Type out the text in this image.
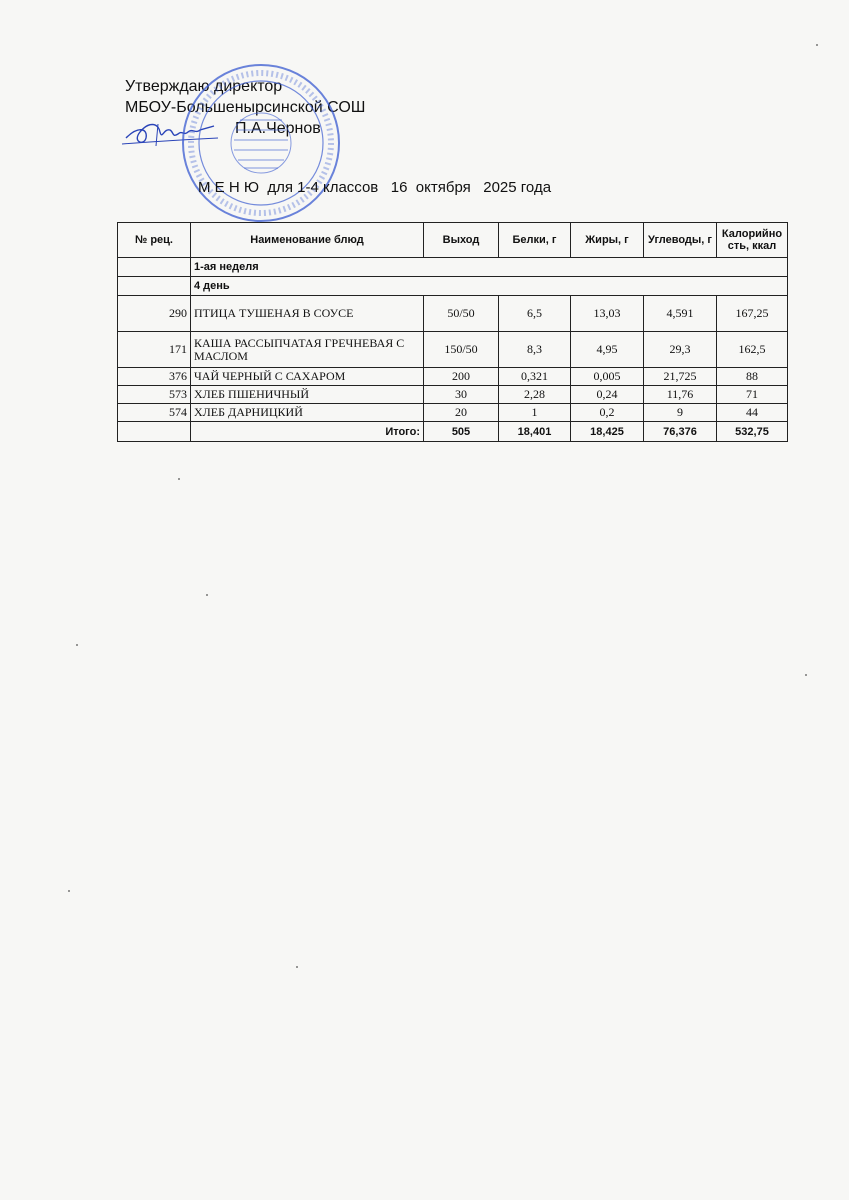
Утверждаю директор
МБОУ-Большенырсинской СОШ
П.А.Чернов
М Е Н Ю  для 1-4 классов   16  октября   2025 года
№ рец.	Наименование блюд	Выход	Белки, г	Жиры, г	Углеводы, г	Калорийно сть, ккал
	1-ая неделя					
	4 день					
290	ПТИЦА ТУШЕНАЯ В СОУСЕ	50/50	6,5	13,03	4,591	167,25
171	КАША РАССЫПЧАТАЯ ГРЕЧНЕВАЯ С МАСЛОМ	150/50	8,3	4,95	29,3	162,5
376	ЧАЙ ЧЕРНЫЙ С САХАРОМ	200	0,321	0,005	21,725	88
573	ХЛЕБ ПШЕНИЧНЫЙ	30	2,28	0,24	11,76	71
574	ХЛЕБ ДАРНИЦКИЙ	20	1	0,2	9	44
	Итого:	505	18,401	18,425	76,376	532,75
